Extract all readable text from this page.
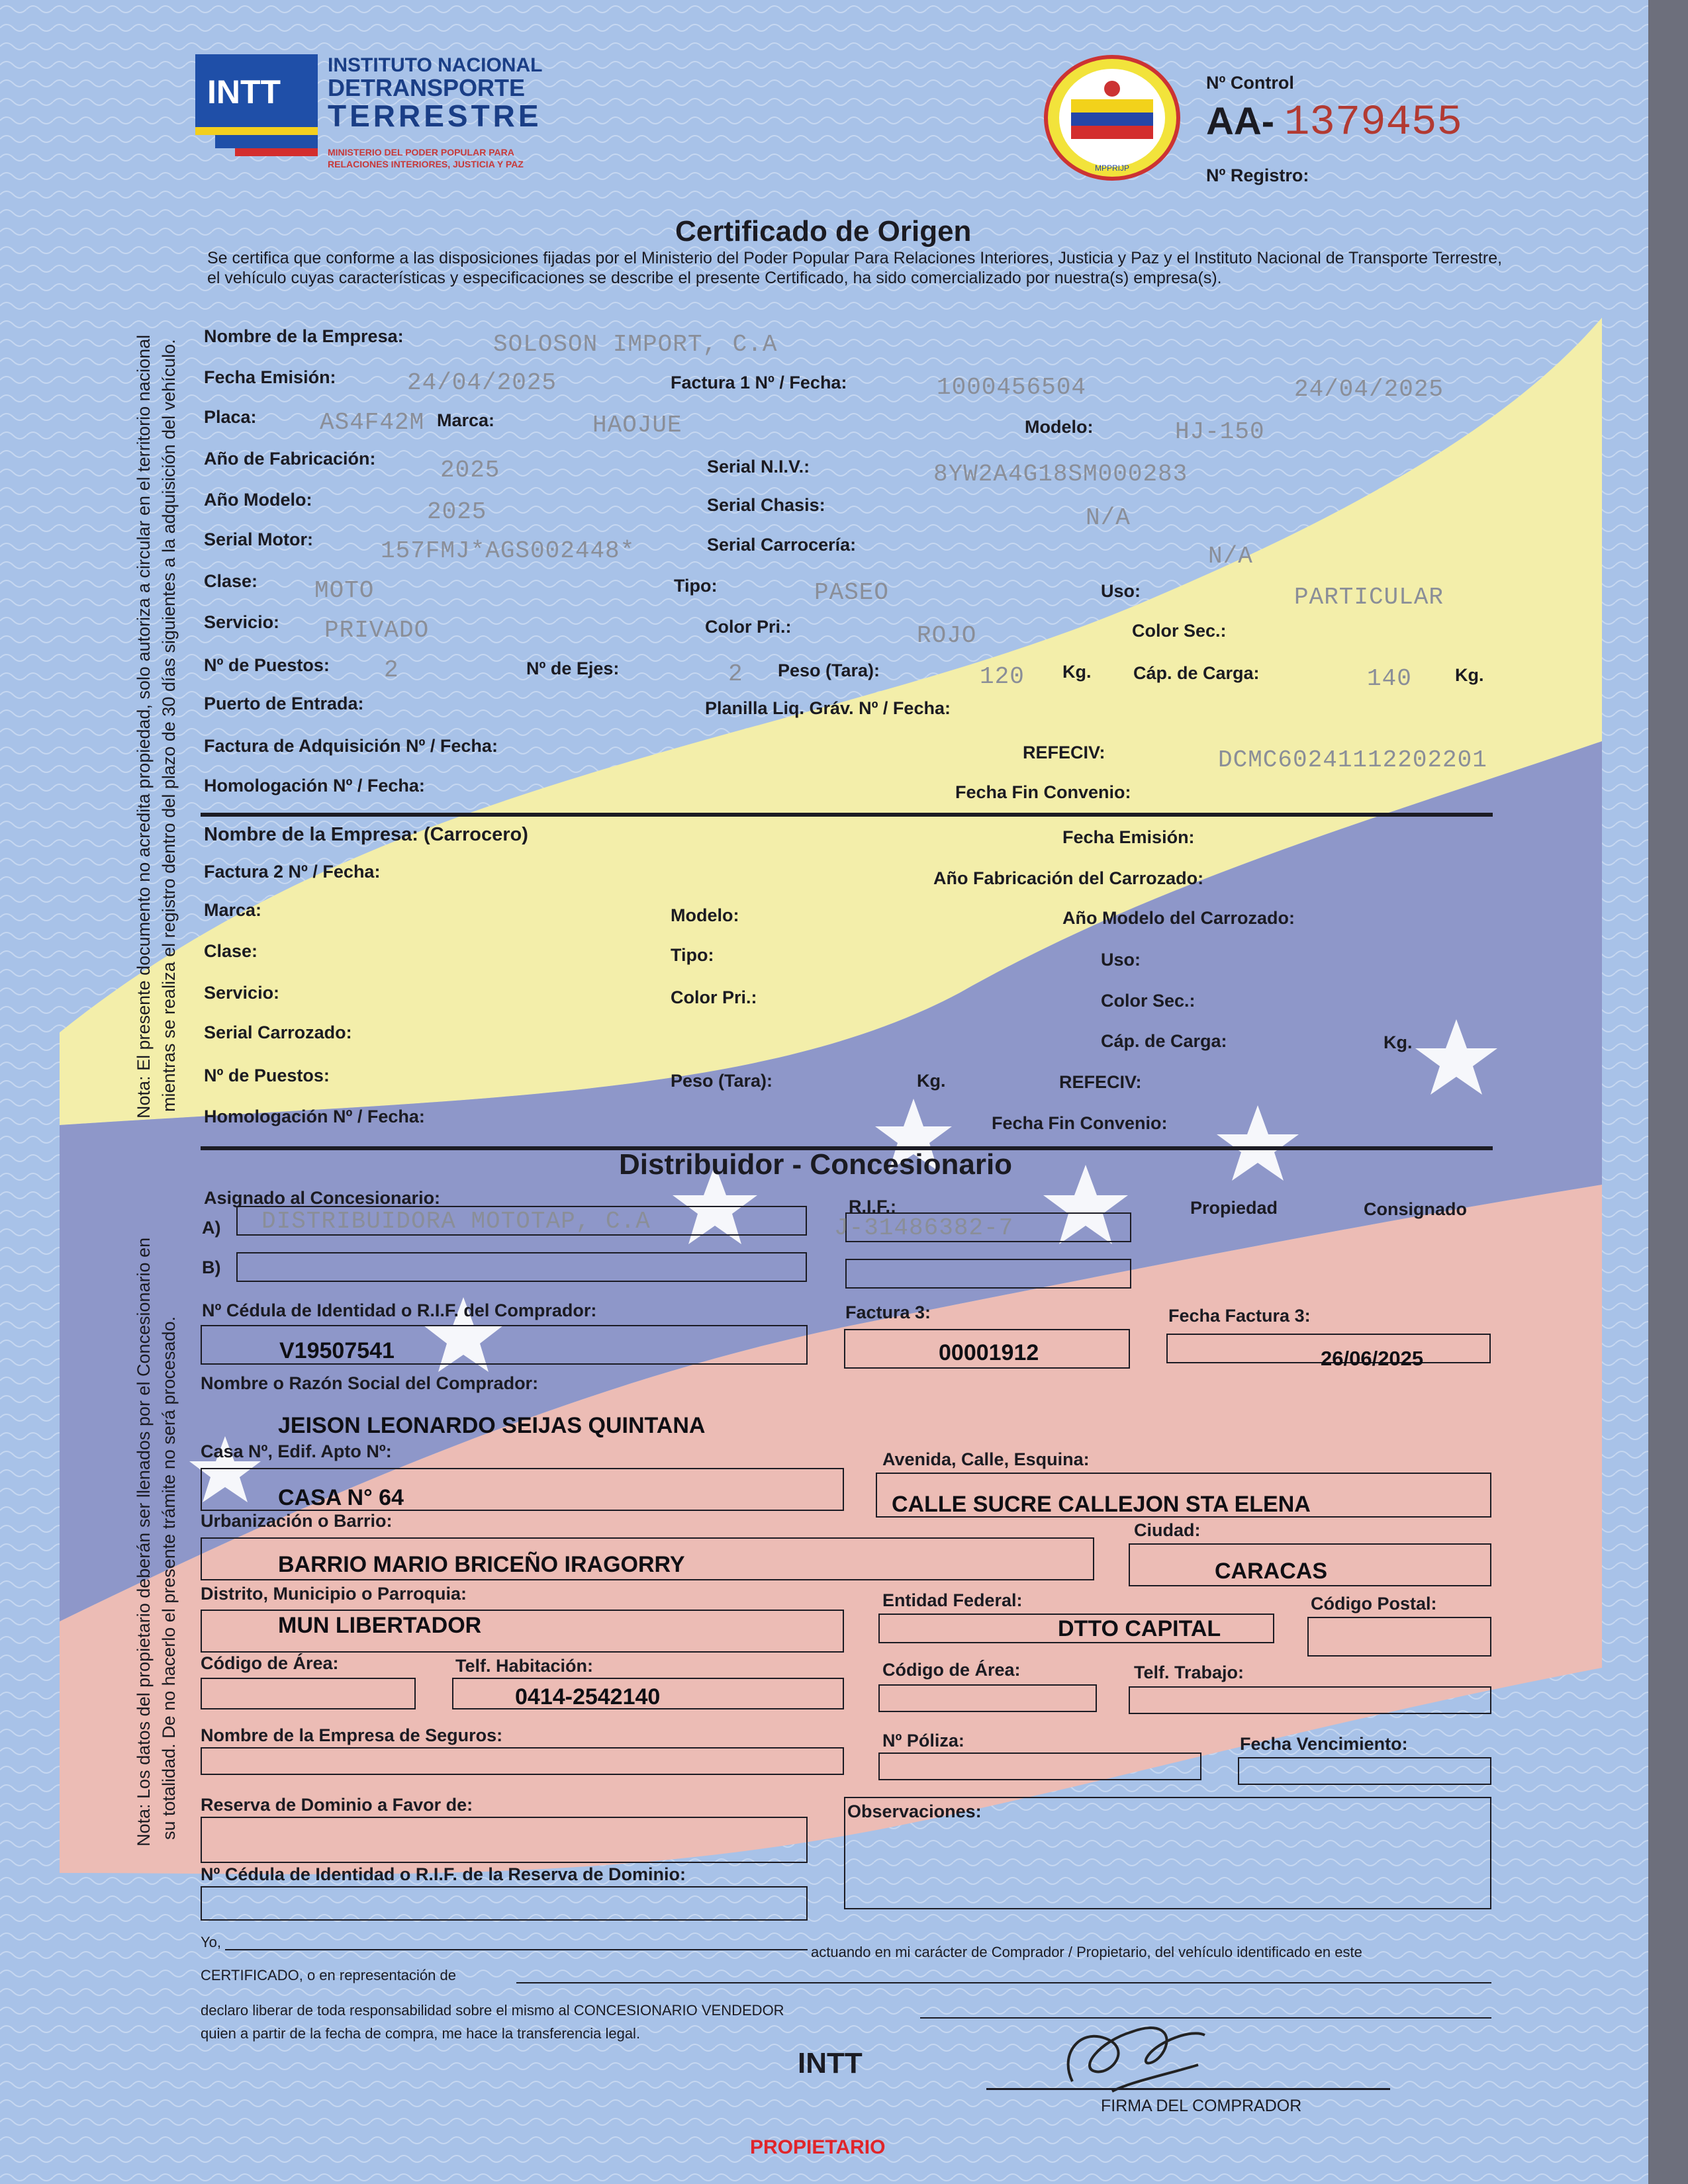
INTT
INSTITUTO NACIONAL
DETRANSPORTE
TERRESTRE
MINISTERIO DEL PODER POPULAR PARA
RELACIONES INTERIORES, JUSTICIA Y PAZ	MPPRIJP
Nº Control
AA- 1379455
Nº Registro:
Certificado de Origen
Se certifica que conforme a las disposiciones fijadas por el Ministerio del Poder Popular Para Relaciones Interiores, Justicia y Paz y el Instituto Nacional de Transporte Terrestre, el vehículo cuyas características y especificaciones se describe el presente Certificado, ha sido comercializado por nuestra(s) empresa(s).
Nota: El presente documento no acredita propiedad, solo autoriza a circular en el territorio nacional mientras se realiza el registro dentro del plazo de 30 días siguientes a la adquisición del vehículo.
Nota: Los datos del propietario deberán ser llenados por el Concesionario en su totalidad. De no hacerlo el presente trámite no será procesado.
Nombre de la Empresa:	SOLOSON IMPORT, C.A
Fecha Emisión:	24/04/2025	Factura 1 Nº / Fecha:	1000456504	24/04/2025
Placa:	AS4F42M Marca:	HAOJUE	Modelo:	HJ-150
Año de Fabricación:	2025	Serial N.I.V.:	8YW2A4G18SM000283
Año Modelo:	2025	Serial Chasis:	N/A
Serial Motor:	157FMJ*AGS002448*	Serial Carrocería:	N/A
Clase: MOTO	Tipo:	PASEO	Uso:	PARTICULAR
Servicio: PRIVADO	Color Pri.:	ROJO	Color Sec.:
Nº de Puestos: 2	Nº de Ejes:	2 Peso (Tara):	120 Kg. Cáp. de Carga:	140 Kg.
Puerto de Entrada:	Planilla Liq. Gráv. Nº / Fecha:
Factura de Adquisición Nº / Fecha:	REFECIV:	DCMC60241112202201
Homologación Nº / Fecha:	Fecha Fin Convenio:
Nombre de la Empresa: (Carrocero)	Fecha Emisión:
Factura 2 Nº / Fecha:	Año Fabricación del Carrozado:
Marca:	Modelo:	Año Modelo del Carrozado:
Clase:	Tipo:	Uso:
Servicio:	Color Pri.:	Color Sec.:
Serial Carrozado:	Cáp. de Carga:	Kg.
Nº de Puestos:	Peso (Tara):	Kg.	REFECIV:
Homologación Nº / Fecha:	Fecha Fin Convenio:
Distribuidor - Concesionario
Asignado al Concesionario:	R.I.F.:	Propiedad	Consignado
A) DISTRIBUIDORA MOTOTAP, C.A	J-31486382-7
B)
Nº Cédula de Identidad o R.I.F. del Comprador:
V19507541
Factura 3:
00001912
Fecha Factura 3:
26/06/2025
Nombre o Razón Social del Comprador:
JEISON LEONARDO SEIJAS QUINTANA
Casa Nº, Edif. Apto Nº:
CASA N° 64
Avenida, Calle, Esquina:
CALLE SUCRE CALLEJON STA ELENA
Urbanización o Barrio:
BARRIO MARIO BRICEÑO IRAGORRY
Ciudad:
CARACAS
Distrito, Municipio o Parroquia:
MUN LIBERTADOR
Entidad Federal:
DTTO CAPITAL
Código Postal:
Código de Área:	Telf. Habitación:
0414-2542140
Código de Área:	Telf. Trabajo:
Nombre de la Empresa de Seguros:	Nº Póliza:	Fecha Vencimiento:
Reserva de Dominio a Favor de:	Observaciones:
Nº Cédula de Identidad o R.I.F. de la Reserva de Dominio:
Yo,
actuando en mi carácter de Comprador / Propietario, del vehículo identificado en este
CERTIFICADO, o en representación de
declaro liberar de toda responsabilidad sobre el mismo al CONCESIONARIO VENDEDOR
quien a partir de la fecha de compra, me hace la transferencia legal.
INTT
FIRMA DEL COMPRADOR
PROPIETARIO
